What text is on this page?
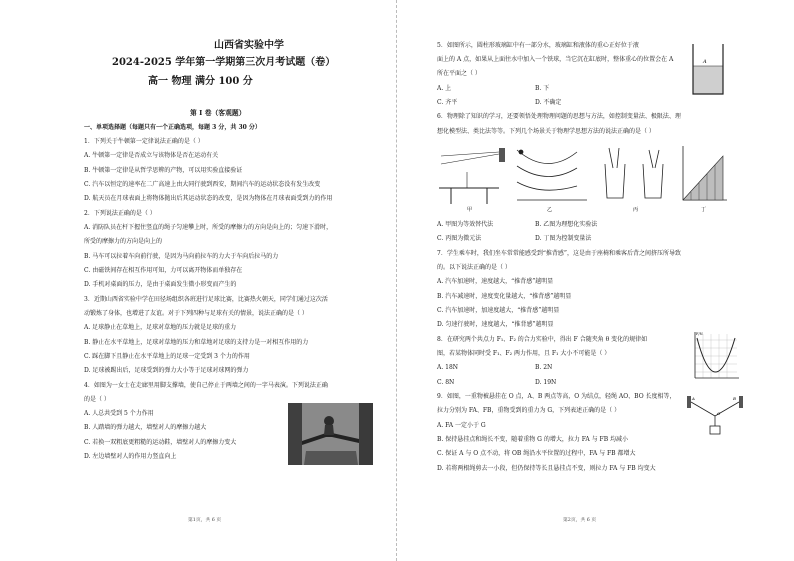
山西省实验中学
2024-2025 学年第一学期第三次月考试题（卷）
高一 物理 满分 100 分
第 I 卷（客观题）
一、单项选择题（每题只有一个正确选项，每题 3 分，共 30 分）
1．下列关于牛顿第一定律说法正确的是（ ）
A. 牛顿第一定律是否成立与该物体是否在运动有关
B. 牛顿第一定律是从哲学思辨的产物，可以用实验直接验证
C. 汽车以恒定的速率在二广高速上由大同行驶到西安，期间汽车的运动状态没有发生改变
D. 航天员在月球表面上将物体抛出后其运动状态的改变，是因为物体在月球表面受到力的作用
2．下列说法正确的是（ ）
A. 消防队员在杆下握住竖直的绳子匀速攀上时，所受的摩擦力的方向是向上的；匀速下滑时，
所受的摩擦力的方向是向上的
B. 马车可以拉着车向前行驶，是因为马向前拉车的力大于车向后拉马的力
C. 由磁铁间存在相互作用可知，力可以离开物体而单独存在
D. 手机对桌面的压力，是由于桌面发生微小形变而产生的
3．近期山西省实验中学在田径场组织各班进行足球比赛，比赛热火朝天，同学们通过这次活
动锻炼了身体，也增进了友谊。对于下列四种与足球有关的情景，说法正确的是（ ）
A. 足球静止在草地上，足球对草地的压力就是足球的重力
B. 静止在水平草地上，足球对草地的压力和草地对足球的支持力是一对相互作用的力
C. 踩在脚下且静止在水平草地上的足球一定受到 3 个力的作用
D. 足球被踢出后，足球受到的弹力大小等于足球对球网的弹力
4．如图为一女士在走廊里用脚支撑墙，使自己停止于两墙之间的一字马表演。下列说法正确
的是（ ）
A. 人总共受到 5 个力作用
B. 人踏墙的弹力越大，墙壁对人的摩擦力越大
C. 若换一双粗底更粗糙的运动鞋，墙壁对人的摩擦力变大
D. 左边墙壁对人的作用力竖直向上
第1页，共 6 页
5．如图所示，圆柱形玻璃缸中有一部分水，玻璃缸和液体的重心正好位于液
面上的 A 点，如果从上面往水中加入一个铁球，当它沉在缸底时，整体重心的位置会在 A
所在平面之（ ）
A. 上	B. 下
C. 齐平	D. 不确定
A
6．物理除了知识的学习，还要领悟处理物理问题的思想与方法，如控制变量法、极限法、理
想化模型法、类比法等等。下列几个场景关于物理学思想方法的说法正确的是（ ）
甲	乙	丙	丁
A. 甲图为等效替代法	B. 乙图为理想化实验法
C. 丙图为微元法	D. 丁图为控制变量法
7．学生乘车时，我们坐车常常能感受到“推背感”，这是由于座椅和乘客后背之间挤压所导致
的。以下说法正确的是（ ）
A. 汽车加速时，速度越大，“推背感”越明显
B. 汽车减速时，速度变化量越大，“推背感”越明显
C. 汽车加速时，加速度越大，“推背感”越明显
D. 匀速行驶时，速度越大，“推背感”越明显
8．在研究两个共点力 F₁、F₂ 的合力实验中，得出 F 合随夹角 θ 变化的规律如
图，若某物体同时受 F₁、F₂ 两力作用，且 F₁ 大小不可能是（ ）
A. 18N	B. 2N
C. 8N	D. 19N
F/N
9．如图，一重物被悬挂在 O 点，A、B 两点等高，O 为结点，轻绳 AO、BO 长度相等，
拉力分别为 FA、FB，重物受到的重力为 G，下列表述正确的是（ ）
A. FA 一定小于 G
B. 保持悬挂点和绳长不变，随着重物 G 的增大，拉力 FA 与 FB 均减小
C. 保证 A 与 O 点不动，将 OB 绳沿水平位置的过程中，FA 与 FB 都增大
D. 若将两根绳剪去一小段，但仍保持等长且悬挂点不变，则拉力 FA 与 FB 均变大
A	B
O
第2页，共 6 页
